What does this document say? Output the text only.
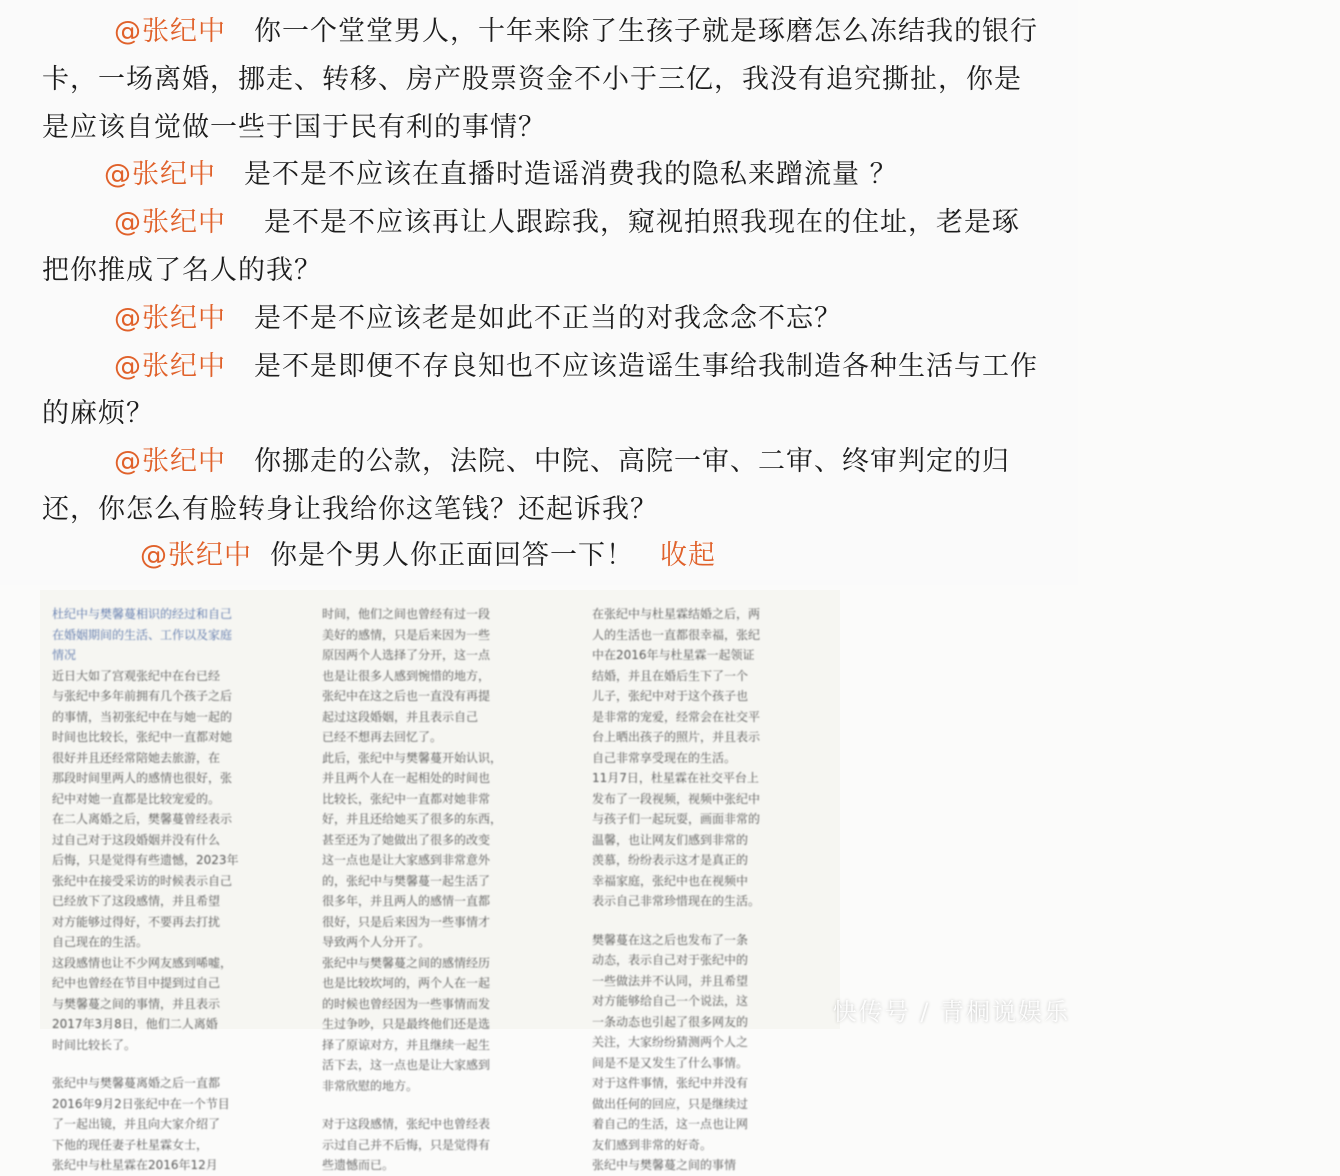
@张纪中 你一个堂堂男人，十年来除了生孩子就是琢磨怎么冻结我的银行
卡，一场离婚，挪走、转移、房产股票资金不小于三亿，我没有追究撕扯，你是
是应该自觉做一些于国于民有利的事情？
@张纪中 是不是不应该在直播时造谣消费我的隐私来蹭流量 ？
@张纪中 是不是不应该再让人跟踪我，窥视拍照我现在的住址，老是琢
把你推成了名人的我？
@张纪中 是不是不应该老是如此不正当的对我念念不忘？
@张纪中 是不是即便不存良知也不应该造谣生事给我制造各种生活与工作
的麻烦？
@张纪中 你挪走的公款，法院、中院、高院一审、二审、终审判定的归
还，你怎么有脸转身让我给你这笔钱？还起诉我？
@张纪中 你是个男人你正面回答一下！ 收起
杜纪中与樊馨蔓相识的经过和自己
在婚姻期间的生活、工作以及家庭
情况
近日大如了宫观张纪中在台已经
与张纪中多年前拥有几个孩子之后
的事情，当初张纪中在与她一起的
时间也比较长，张纪中一直都对她
很好并且还经常陪她去旅游，在
那段时间里两人的感情也很好，张
纪中对她一直都是比较宠爱的。
在二人离婚之后，樊馨蔓曾经表示
过自己对于这段婚姻并没有什么
后悔，只是觉得有些遗憾，2023年
张纪中在接受采访的时候表示自己
已经放下了这段感情，并且希望
对方能够过得好，不要再去打扰
自己现在的生活。
这段感情也让不少网友感到唏嘘，
纪中也曾经在节目中提到过自己
与樊馨蔓之间的事情，并且表示
2017年3月8日，他们二人离婚
时间比较长了。
张纪中与樊馨蔓离婚之后一直都
2016年9月2日张纪中在一个节目
了一起出镜，并且向大家介绍了
下他的现任妻子杜星霖女士，
张纪中与杜星霖在2016年12月
时间，他们之间也曾经有过一段
美好的感情，只是后来因为一些
原因两个人选择了分开，这一点
也是让很多人感到惋惜的地方，
张纪中在这之后也一直没有再提
起过这段婚姻，并且表示自己
已经不想再去回忆了。
此后，张纪中与樊馨蔓开始认识，
并且两个人在一起相处的时间也
比较长，张纪中一直都对她非常
好，并且还给她买了很多的东西，
甚至还为了她做出了很多的改变
这一点也是让大家感到非常意外
的，张纪中与樊馨蔓一起生活了
很多年，并且两人的感情一直都
很好，只是后来因为一些事情才
导致两个人分开了。
张纪中与樊馨蔓之间的感情经历
也是比较坎坷的，两个人在一起
的时候也曾经因为一些事情而发
生过争吵，只是最终他们还是选
择了原谅对方，并且继续一起生
活下去，这一点也是让大家感到
非常欣慰的地方。
对于这段感情，张纪中也曾经表
示过自己并不后悔，只是觉得有
些遗憾而已。
在张纪中与杜星霖结婚之后，两
人的生活也一直都很幸福，张纪
中在2016年与杜星霖一起领证
结婚，并且在婚后生下了一个
儿子，张纪中对于这个孩子也
是非常的宠爱，经常会在社交平
台上晒出孩子的照片，并且表示
自己非常享受现在的生活。
11月7日，杜星霖在社交平台上
发布了一段视频，视频中张纪中
与孩子们一起玩耍，画面非常的
温馨，也让网友们感到非常的
羡慕，纷纷表示这才是真正的
幸福家庭，张纪中也在视频中
表示自己非常珍惜现在的生活。
樊馨蔓在这之后也发布了一条
动态，表示自己对于张纪中的
一些做法并不认同，并且希望
对方能够给自己一个说法，这
一条动态也引起了很多网友的
关注，大家纷纷猜测两个人之
间是不是又发生了什么事情。
对于这件事情，张纪中并没有
做出任何的回应，只是继续过
着自己的生活，这一点也让网
友们感到非常的好奇。
张纪中与樊馨蔓之间的事情
快传号 / 青桐说娱乐
